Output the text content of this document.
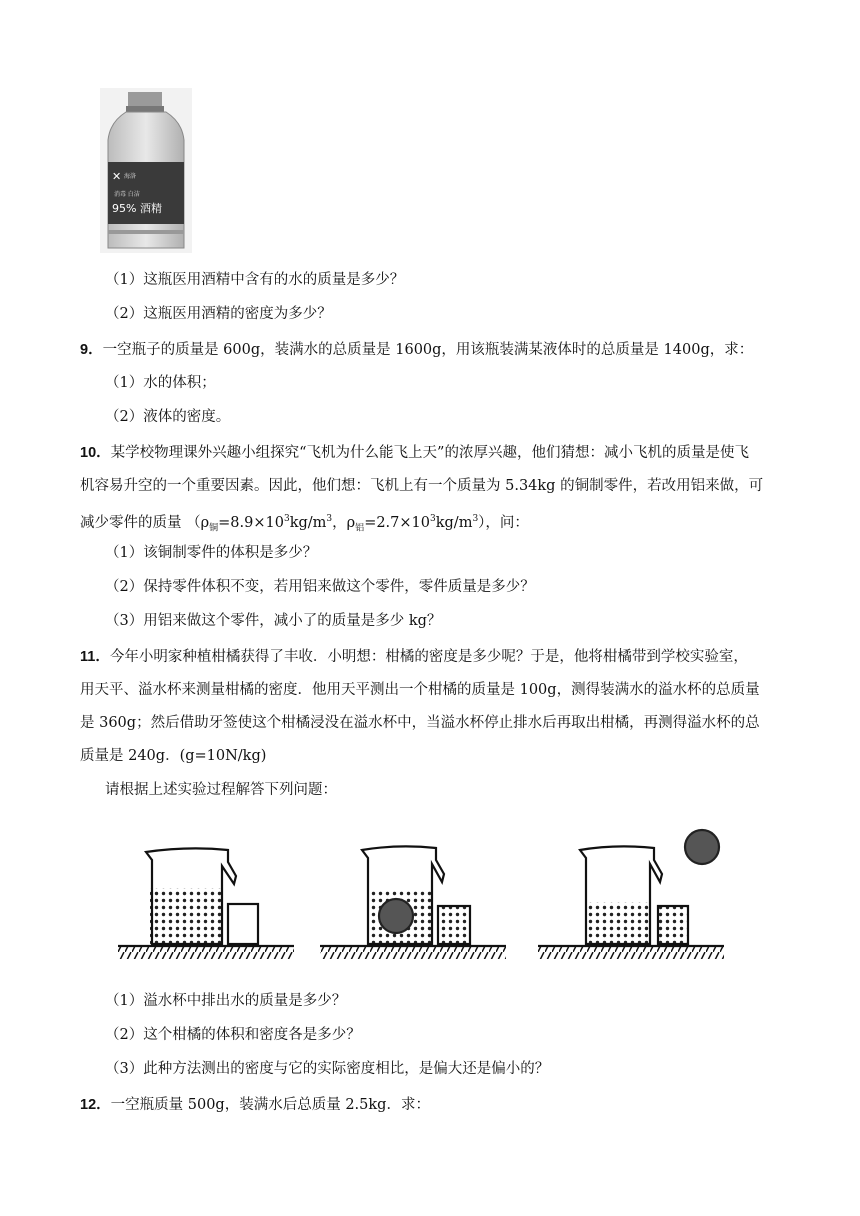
✕ 海洛
消毒 白洁
95% 酒精
（1）这瓶医用酒精中含有的水的质量是多少？
（2）这瓶医用酒精的密度为多少？
9．一空瓶子的质量是 600g，装满水的总质量是 1600g，用该瓶装满某液体时的总质量是 1400g，求：
（1）水的体积；
（2）液体的密度。
10．某学校物理课外兴趣小组探究“飞机为什么能飞上天”的浓厚兴趣，他们猜想：减小飞机的质量是使飞
机容易升空的一个重要因素。因此，他们想：飞机上有一个质量为 5.34kg 的铜制零件，若改用铝来做，可
减少零件的质量 （$\rho_铜=8.9\times 10^3kg/m^3$，$\rho_铝=2.7\times 10^3kg/m^3$），问：
（1）该铜制零件的体积是多少？
（2）保持零件体积不变，若用铝来做这个零件，零件质量是多少？
（3）用铝来做这个零件，减小了的质量是多少 kg？
11．今年小明家种植柑橘获得了丰收．小明想：柑橘的密度是多少呢？于是，他将柑橘带到学校实验室，
用天平、溢水杯来测量柑橘的密度．他用天平测出一个柑橘的质量是 100g，测得装满水的溢水杯的总质量
是 360g；然后借助牙签使这个柑橘浸没在溢水杯中，当溢水杯停止排水后再取出柑橘，再测得溢水杯的总
质量是 240g．(g=10N/kg)
请根据上述实验过程解答下列问题：
（1）溢水杯中排出水的质量是多少？
（2）这个柑橘的体积和密度各是多少？
（3）此种方法测出的密度与它的实际密度相比，是偏大还是偏小的？
12．一空瓶质量 500g，装满水后总质量 2.5kg．求：
